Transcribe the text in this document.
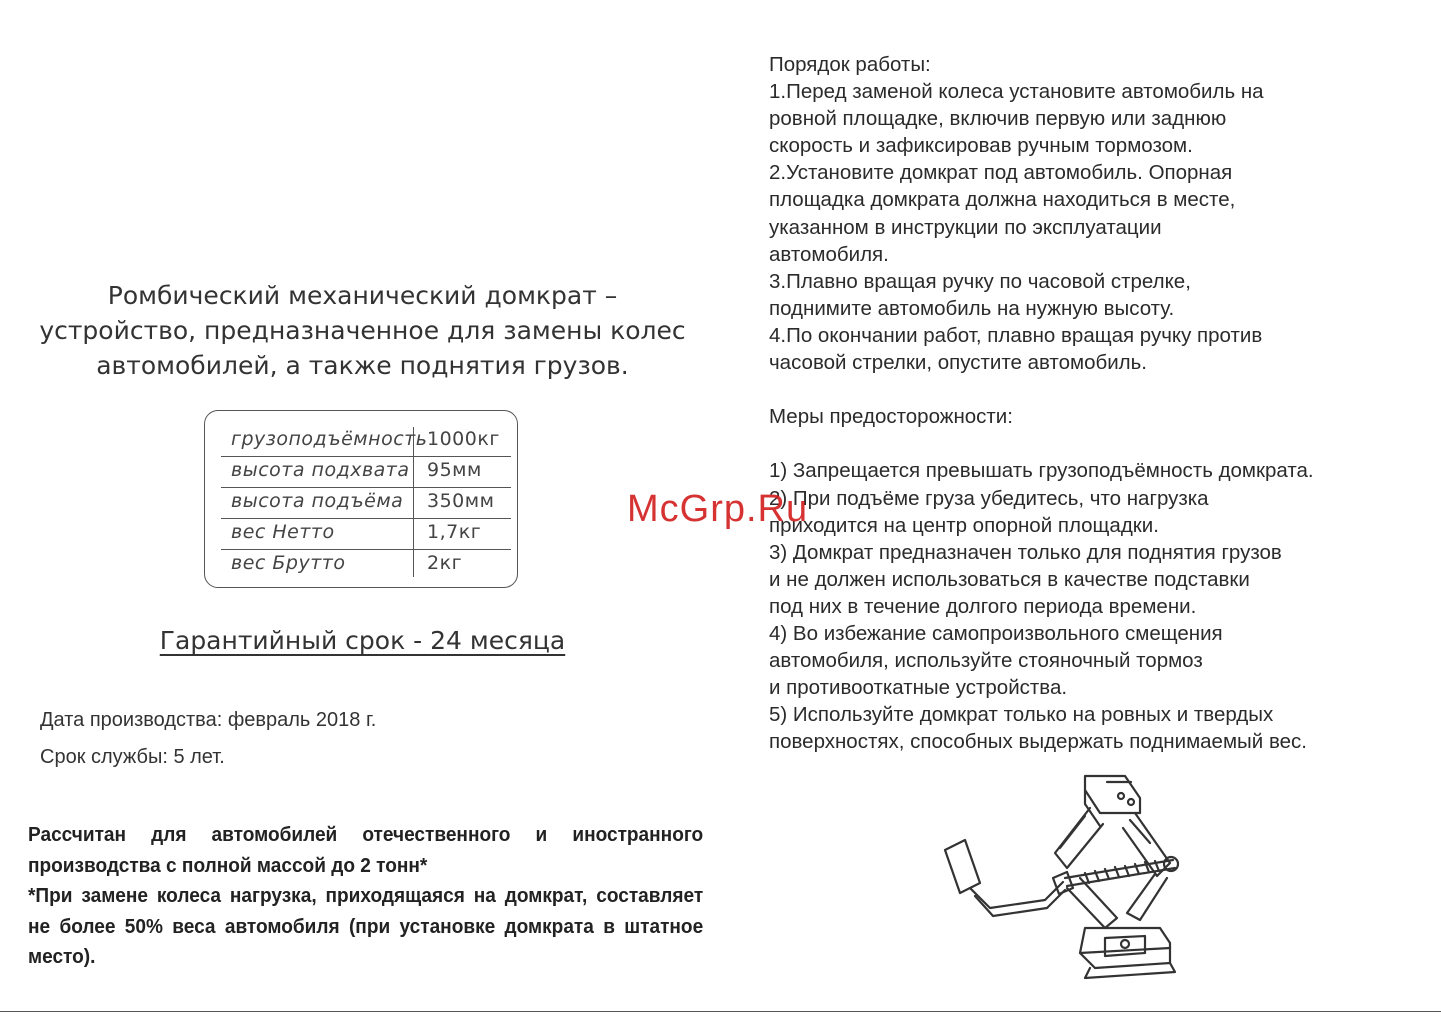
Ромбический механический домкрат –
устройство, предназначенное для замены колес
автомобилей, а также поднятия грузов.
грузоподъёмность 1000кг
высота подхвата 95мм
высота подъёма 350мм
вес Нетто	1,7кг
вес Брутто	2кг
Гарантийный срок - 24 месяца
Дата производства: февраль 2018 г.
Срок службы: 5 лет.
Рассчитан для автомобилей отечественного и иностранного производства с полной массой до 2 тонн*
*При замене колеса нагрузка, приходящаяся на домкрат, составляет не более 50% веса автомобиля (при установке домкрата в штатное место).
Порядок работы:
1.Перед заменой колеса установите автомобиль на
ровной площадке, включив первую или заднюю
скорость и зафиксировав ручным тормозом.
2.Установите домкрат под автомобиль. Опорная
площадка домкрата должна находиться в месте,
указанном в инструкции по эксплуатации
автомобиля.
3.Плавно вращая ручку по часовой стрелке,
поднимите автомобиль на нужную высоту.
4.По окончании работ, плавно вращая ручку против
часовой стрелки, опустите автомобиль.
Меры предосторожности:
1) Запрещается превышать грузоподъёмность домкрата.
2) При подъёме груза убедитесь, что нагрузка
приходится на центр опорной площадки.
3) Домкрат предназначен только для поднятия грузов
и не должен использоваться в качестве подставки
под них в течение долгого периода времени.
4) Во избежание самопроизвольного смещения
автомобиля, используйте стояночный тормоз
и противооткатные устройства.
5) Используйте домкрат только на ровных и твердых
поверхностях, способных выдержать поднимаемый вес.
McGrp.Ru
